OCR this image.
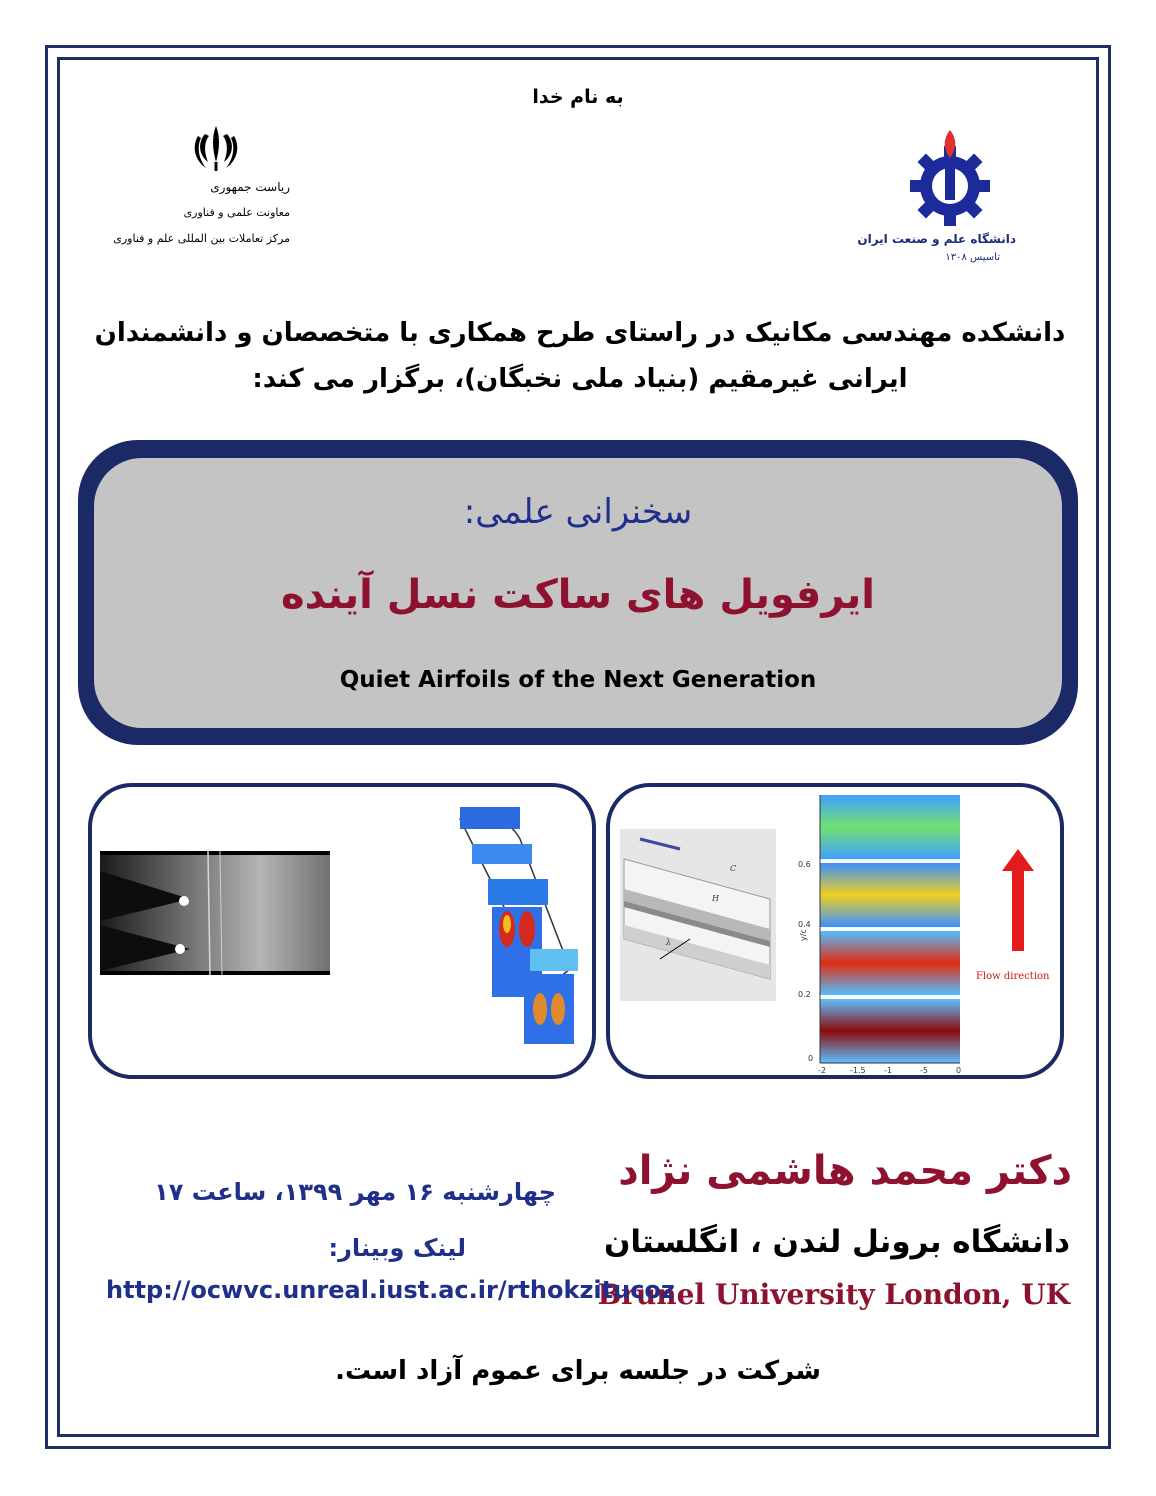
به نام خدا
ریاست جمهوری
معاونت علمی و فناوری
مرکز تعاملات بین المللی علم و فناوری	دانشگاه علم و صنعت ایران
تاسیس ۱۳۰۸
دانشکده مهندسی مکانیک در راستای طرح همکاری با متخصصان و دانشمندان
ایرانی غیرمقیم (بنیاد ملی نخبگان)، برگزار می کند:
سخنرانی علمی:
ایرفویل های ساکت نسل آینده
Quiet Airfoils of the Next Generation
C
H
λ
0.6
0.4
0.2
0
y/c
-2	-1.5 -1	-5	0
x/λ
Flow direction
دکتر محمد هاشمی نژاد
دانشگاه برونل لندن ، انگلستان
Brunel University London, UK
چهارشنبه ۱۶ مهر ۱۳۹۹، ساعت ۱۷
لینک وبینار:
http://ocwvc.unreal.iust.ac.ir/rthokzitucoz
شرکت در جلسه برای عموم آزاد است.
